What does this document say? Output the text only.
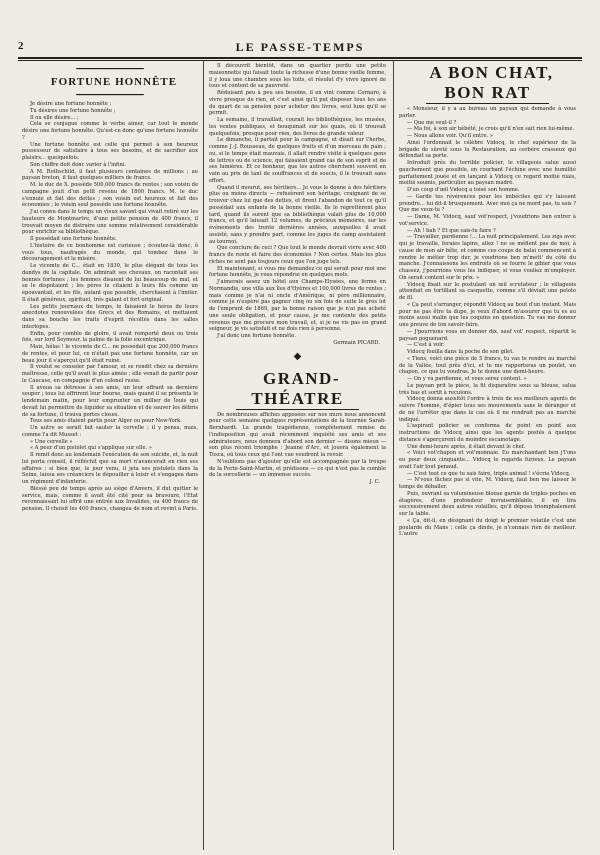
2	LE PASSE-TEMPS
━━━━━━━━━━━━━━━━

FORTUNE HONNÊTE

━━━━━━━━━━━━━━━━

Je désire une fortune honnête ;

Tu désires une fortune honnête ;

Il ou elle désire... ;

Cela se conjugue comme le verbe aimer, car tout le monde désire une fortune honnête. Qu'est-ce donc qu'une fortune honnête ?

Une fortune honnête est celle qui permet à son heureux possesseur de satisfaire à tous ses besoins, et de sacrifier aux plaisirs... quelquefois.

Son chiffre doit donc varier à l'infini.

A M. Rothschild, il faut plusieurs centaines de millions ; au paysan breton, il faut quelques milliers de francs.

M. le duc de X. possède 500,000 francs de rentes ; son voisin de campagne jouit d'un petit revenu de 1800 francs. M. le duc s'ennuie et fait des dettes ; son voisin est heureux et fait des économies ; le voisin seul possède une fortune honnête.

J'ai connu dans le temps un vieux savant qui vivait retiré sur les hauteurs de Montmartre, d'une petite pension de 400 francs, il trouvait moyen de distraire une somme relativement considérable pour enrichir sa bibliothèque.

Il possédait une fortune honnête.

L'histoire de ce bonhomme est curieuse ; écoutez-là donc, ô vous tous, naufragés du monde, qui tombez dans le découragement et la misère.

Le vicomte de C... était en 1830, le plus élégant de tous les dandys de la capitale. On admirait ses chevaux, on racontait ses bonnes fortunes ; les femmes disaient de lui beaucoup de mal, et se le disputaient ; les pères le citaient à leurs fils comme un épouvantail, et les fils, autant que possible, cherchaient à l'imiter. Il était généreux, spirituel, très galant et fort original.

Les petits journaux du temps, le faisaient le héros de leurs anecdotes renouvelées des Grecs et des Romains, et mettaient dans sa bouche les traits d'esprit récoltés dans les salles interlopes.

Enfin, pour comble de gloire, il avait remporté deux ou trois fois, sur lord Seymour, la palme de la folie excentrique.

Mais, hélas ! le vicomte de C... ne possédait que 200,000 francs de rentes, et pour lui, ce n'était pas une fortune honnête, car un beau jour il s'aperçut qu'il était ruiné.

Il voulut se consoler par l'amour, et se rendit chez sa dernière maîtresse, celle qu'il avait le plus aimée ; elle venait de partir pour le Caucase, en compagnie d'un colonel russe.

Il avoua sa détresse à ses amis, un leur offrant sa dernière souper ; tous lui offrirent leur bourse, mais quand il se présenta le lendemain matin, pour leur emprunter un millier de louis qui devait lui permettre de liquider sa situation et de sauver les débris de sa fortune, il trouva portes closes.

Tous ses amis étaient partis pour Alger ou pour New-York.

Un autre se serait fait sauter la cervelle ; il y pensa, mais, comme l'a dit Musset :

« Une cervelle »

« A peur d'un pistolet qui s'applique sur elle. »

Il remit donc au lendemain l'exécution de son suicide, et, la nuit lui porta conseil, il réfléchit que sa mort n'avancerait en rien ses affaires ; si bien que, le jour venu, il jeta ses pistolets dans la Seine, laissa ses créanciers le dépouiller à loisir et s'engagea dans un régiment d'infanterie.

Blessé peu de temps après au siège d'Anvers, il dut quitter le service, mais, comme il avait été cité pour sa bravoure, l'Etat reconnaissant lui offrit une entrée aux Invalides, ou 400 francs de pension. Il choisit les 400 francs, changea de nom et revint à Paris.

Il découvrit bientôt, dans un quartier perdu une petite maisonnette qui faisait toute la richesse d'une bonne vieille femme, il y loua une chambre sous les toits, et résolut d'y vivre ignoré de tous et content de sa pauvreté.

Réduisant peu à peu ses besoins, il en vint comme Cornaro, à vivre presque de rien, et c'est ainsi qu'il put disposer tous les ans du quart de sa pension pour acheter des livres, seul luxe qu'il se permit.

La semaine, il travaillait, courait les bibliothèques, les musées, les ventes publiques, et bouquinait sur les quais, où il trouvait quelquefois, presque pour rien, des livres de grande valeur.

Le dimanche, il partait pour la campagne, et disait sur l'herbe, comme J.-J. Rousseau, de quelques fruits et d'un morceau de pain ; ou, si le temps était mauvais, il allait rendre visite à quelques gens de lettres ou de science, qui faisaient grand cas de son esprit et de ses lumières. Et ce bonheur, que les autres cherchent souvent en vain au prix de tant de souffrances et de soucis, il le trouvait sans effort.

Quand il mourut, ses héritiers... Je vous le donne à des héritiers plus ou moins directs — refusèrent son héritage, craignant de se trouver chez lui que des dettes, et firent l'abandon de tout ce qu'il possédait aux enfants de la bonne vieille. Ils le regrettèrent plus tard, quand ils surent que sa bibliothèque valait plus de 10,000 francs, et qu'il laissait 12 volumes, de précieux mémoires, sur les événements des trente dernières années, auxquelles il avait assisté, sans y prendre part, comme les juges du camp assistaient au tournoi.

Que conclure de ceci ? Que tout le monde devrait vivre avec 400 francs de rente et faire des économies ? Non certes. Mais les plus riches ne sont pas toujours ceux que l'on juge tels.

Et maintenant, si vous me demandez ce qui serait pour moi une fortune honnête, je vous répondrai en quelques mots.

J'aimerais assez un hôtel aux Champs-Elysées, une ferme en Normandie, une villa aux îles d'Hyères et 100,000 livres de rentes ; mais comme je n'ai ni oncle d'Amérique, ni père millionnaire, comme je n'espère pas gagner cinq ou six fois de suite le gros lot de l'emprunt de 1869, par la bonne raison que je n'ai pas acheté une seule obligation, et pour cause, je me contente des petits revenus que me procure mon travail, et, si je ne vis pas en grand seigneur, je vis satisfait et ne dois rien à personne.

J'ai donc une fortune honnête.

Germain PICARD.

◆

GRAND-THÉATRE

De nombreuses affiches apposées sur nos murs nous annoncent pour cette semaine quelques représentations de la tournée Sarah-Bernhardt. La grande tragédienne, complètement remise de l'indisposition qui avait récemment inquiété ses amis et ses admirateurs, nous donnera d'abord son dernier — disons mieux — son plus récent triomphe : Jeanne d'Arc, et jouera également la Tosca, où tous ceux qui l'ont vue voudront la revoir.

N'oublions pas d'ajouter qu'elle est accompagnée par la troupe de la Porte-Saint-Martin, et prédisons — ce qui n'est pas le comble de la sorcellerie — un immense succès.

J. C.

A BON CHAT, BON RAT

« Monsieur, il y a au bureau un paysan qui demande à vous parler.

— Que me veut-il ?

— Ma foi, à son air hébété, je crois qu'il n'en sait rien lui-même.

— Nous allons voir. Qu'il entre. »

Ainsi l'ordonnait le célèbre Vidocq, le chef supérieur de la brigade de sûreté sous la Restauration, au cerbère crasseux qui défendait sa porte.

Introduit près du terrible policier, le villageois salue aussi gauchement que possible, en courbant l'échine avec une humilité parfaitement jouée et en lançant à Vidocq ce regard moitié niais, moitié soumis, particulier au paysan madré.

D'un coup d'œil Vidocq a toisé son homme.

— Garde tes révérences pour les imbéciles qui s'y laissent prendre... lui dit-il brusquement. Avec moi ça ne mord pas, tu sais ? Que me veux-tu ?

— Dame, M. Vidocq, sauf vot'respect, j'voudrions ben entrer à vot'service.

— Ah ! bah ? Et que sais-tu faire ?

— Travailler, pardienne !... La nuit principalement. Les zigs avec qui je travaille, feraies lapins, allez ! ne se méfient pas de moi, à cause de mon air bête, et comme ces coups de balai commencent à rendre le métier trop dur, je voudrions ben m'mett' du côté du manche. J'connaissons les endroits où se fourre le gibier que vous chassez, j'pourrions vous les indiquer, si vous vouliez m'employer. On serait content sur le prix. »

Vidocq fixait sur le postulant un œil scrutateur ; le villageois attendait en tortillant sa casquette, comme s'il déviait une pelote de fil.

« Ça peut s'arranger, répondit Vidocq au bout d'un instant. Mais pour ne pas être ta dupe, je veux d'abord m'assurer que tu es au moins aussi malin que les coquins en question. Tu vas me donner une preuve de ton savoir-faire.

— J'pourrions vous en donner dix, sauf vot' respect, répartit le paysan goguenard.

— C'est à voir.

Vidocq fouilla dans la poche de son gilet.

« Tiens, voici une pièce de 5 francs, tu vas te rendre au marché de la Vallée, tout près d'ici, et tu me rapporteras un poulet, un chapon, ce que tu voudras. Je te donne une demi-heure.

— On y va pardienne, et vous serez content. »

Le paysan prit la pièce, la fit disparaître sous sa blouse, salua très bas et sortit à reculons.

Vidocq donna aussitôt l'ordre à trois de ses meilleurs agents de suivre l'homme, d'épier tous ses mouvements sans le déranger et de ne l'arrêter que dans le cas où il ne rendrait pas au marché indiqué.

L'aspirant policier se conforma de point en point aux instructions de Vidocq ainsi que les agents postés à quelque distance s'aperçurent du moindre escamotage.

Une demi-heure après, il était devant le chef.

« Voici vot'chapon et vot'monnaie. Eu marchandant ben j'l'ons eu pour deux cinquante... Vidocq le regarda furieux. Le paysan avait l'air tout penaud.

— C'est tout ce que tu sais faire, triple animal ! s'écria Vidocq.

— N'vous fâchez pas si vite, M. Vidocq, faut ben me laisser le temps de déballer.

Puis, ouvrant sa volumineuse blouse garnie de triples poches en étagères, d'une profondeur invraisemblable, il en tira successivement deux autres volailles, qu'il déposa triomphalement sur la table.

« Ça, dit-il, en désignant du doigt le premier volatile c'est une poularde du Mans ; celle ça dinde, je n'connais rien de meilleur. L'autre
